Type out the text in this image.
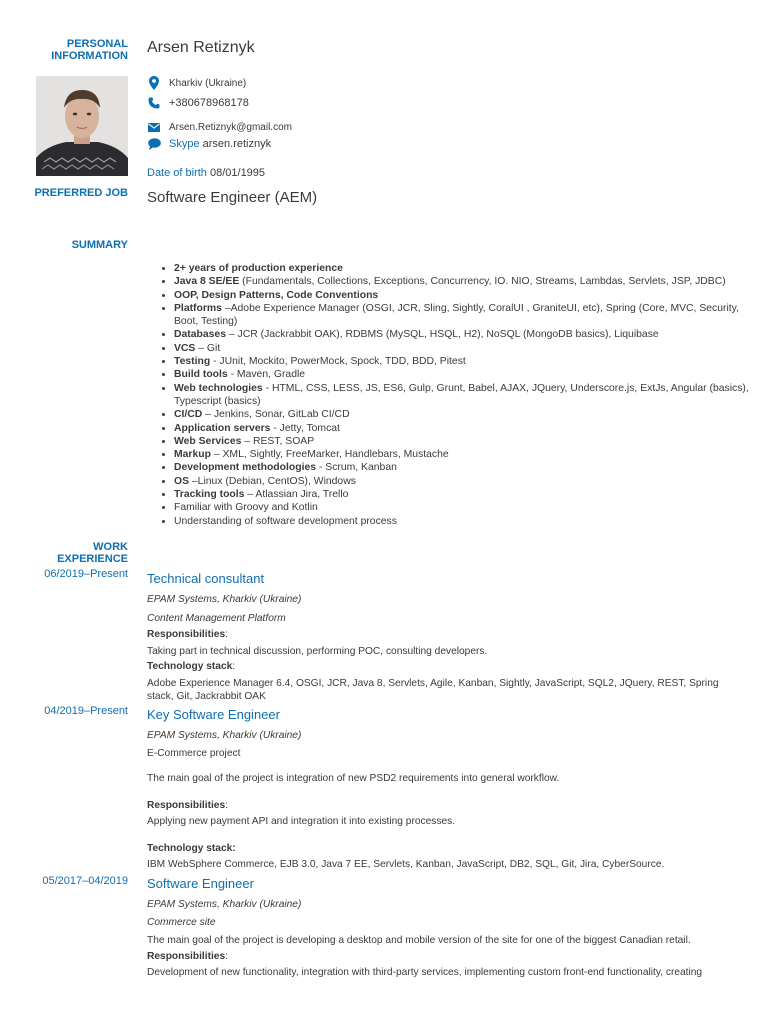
PERSONAL INFORMATION
PREFERRED JOB
SUMMARY
WORK EXPERIENCE
Arsen Retiznyk
Kharkiv (Ukraine)
+380678968178
Arsen.Retiznyk@gmail.com
Skype arsen.retiznyk
Date of birth 08/01/1995
Software Engineer (AEM)
• 2+ years of production experience
• Java 8 SE/EE (Fundamentals, Collections, Exceptions, Concurrency, IO. NIO, Streams, Lambdas, Servlets, JSP, JDBC)
• OOP, Design Patterns, Code Conventions
• Platforms –Adobe Experience Manager (OSGI, JCR, Sling, Sightly, CoralUI , GraniteUI, etc), Spring (Core, MVC, Security, Boot, Testing)
• Databases – JCR (Jackrabbit OAK), RDBMS (MySQL, HSQL, H2), NoSQL (MongoDB basics), Liquibase
• VCS – Git
• Testing - JUnit, Mockito, PowerMock, Spock, TDD, BDD, Pitest
• Build tools - Maven, Gradle
• Web technologies - HTML, CSS, LESS, JS, ES6, Gulp, Grunt, Babel, AJAX, JQuery, Underscore.js, ExtJs, Angular (basics), Typescript (basics)
• CI/CD – Jenkins, Sonar, GitLab CI/CD
• Application servers - Jetty, Tomcat
• Web Services – REST, SOAP
• Markup – XML, Sightly, FreeMarker, Handlebars, Mustache
• Development methodologies - Scrum, Kanban
• OS –Linux (Debian, CentOS), Windows
• Tracking tools – Atlassian Jira, Trello
• Familiar with Groovy and Kotlin
• Understanding of software development process
06/2019–Present Technical consultant
EPAM Systems, Kharkiv (Ukraine)
Content Management Platform
Responsibilities:
Taking part in technical discussion, performing POC, consulting developers.
Technology stack:
Adobe Experience Manager 6.4, OSGI, JCR, Java 8, Servlets, Agile, Kanban, Sightly, JavaScript, SQL2, JQuery, REST, Spring stack, Git, Jackrabbit OAK
04/2019–Present Key Software Engineer
EPAM Systems, Kharkiv (Ukraine)
E-Commerce project
The main goal of the project is integration of new PSD2 requirements into general workflow.
Responsibilities:
Applying new payment API and integration it into existing processes.
Technology stack:
IBM WebSphere Commerce, EJB 3.0, Java 7 EE, Servlets, Kanban, JavaScript, DB2, SQL, Git, Jira, CyberSource.
05/2017–04/2019 Software Engineer
EPAM Systems, Kharkiv (Ukraine)
Commerce site
The main goal of the project is developing a desktop and mobile version of the site for one of the biggest Canadian retail.
Responsibilities:
Development of new functionality, integration with third-party services, implementing custom front-end functionality, creating
